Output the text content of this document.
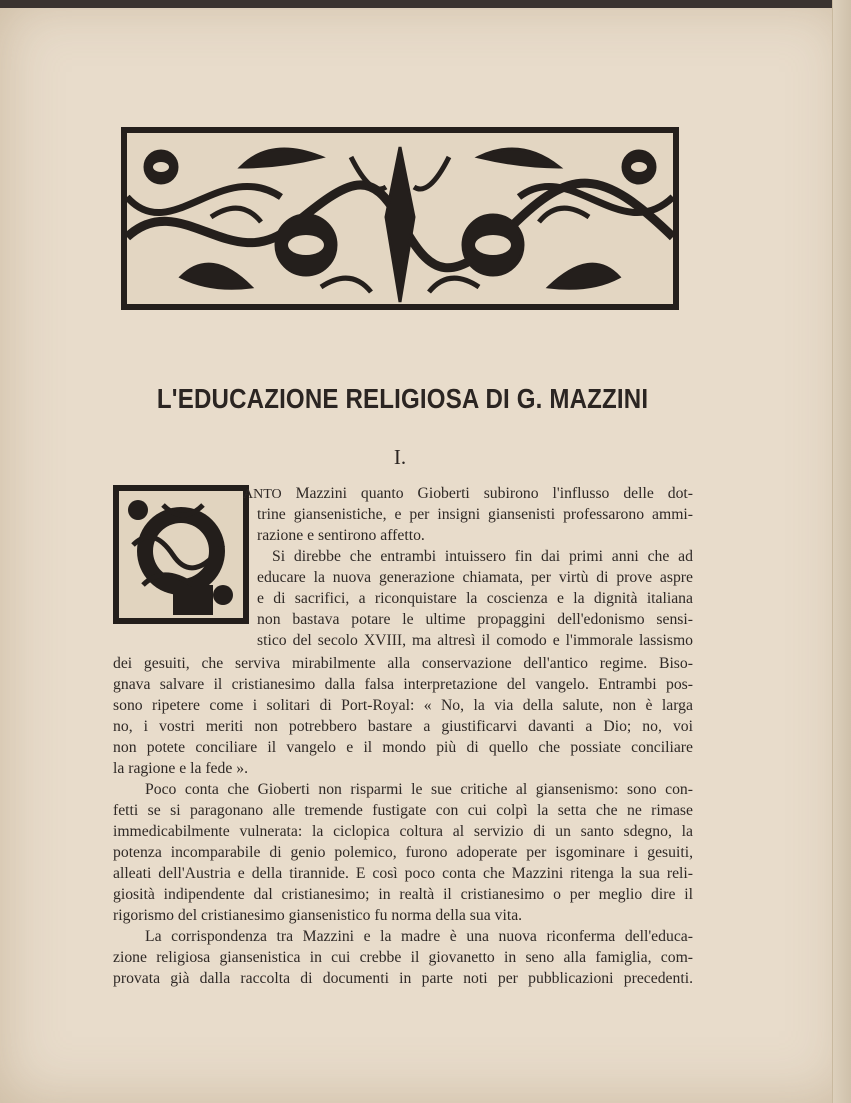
L'EDUCAZIONE RELIGIOSA DI G. MAZZINI
I.
ANTO Mazzini quanto Gioberti subirono l'influsso delle dot-
trine giansenistiche, e per insigni giansenisti professarono ammi-
razione e sentirono affetto.
Si direbbe che entrambi intuissero fin dai primi anni che ad
educare la nuova generazione chiamata, per virtù di prove aspre
e di sacrifici, a riconquistare la coscienza e la dignità italiana
non bastava potare le ultime propaggini dell'edonismo sensi-
stico del secolo XVIII, ma altresì il comodo e l'immorale lassismo
dei gesuiti, che serviva mirabilmente alla conservazione dell'antico regime. Biso-
gnava salvare il cristianesimo dalla falsa interpretazione del vangelo. Entrambi pos-
sono ripetere come i solitari di Port-Royal: « No, la via della salute, non è larga
no, i vostri meriti non potrebbero bastare a giustificarvi davanti a Dio; no, voi
non potete conciliare il vangelo e il mondo più di quello che possiate conciliare
la ragione e la fede ».
Poco conta che Gioberti non risparmi le sue critiche al giansenismo: sono con-
fetti se si paragonano alle tremende fustigate con cui colpì la setta che ne rimase
immedicabilmente vulnerata: la ciclopica coltura al servizio di un santo sdegno, la
potenza incomparabile di genio polemico, furono adoperate per isgominare i gesuiti,
alleati dell'Austria e della tirannide. E così poco conta che Mazzini ritenga la sua reli-
giosità indipendente dal cristianesimo; in realtà il cristianesimo o per meglio dire il
rigorismo del cristianesimo giansenistico fu norma della sua vita.
La corrispondenza tra Mazzini e la madre è una nuova riconferma dell'educa-
zione religiosa giansenistica in cui crebbe il giovanetto in seno alla famiglia, com-
provata già dalla raccolta di documenti in parte noti per pubblicazioni precedenti.
